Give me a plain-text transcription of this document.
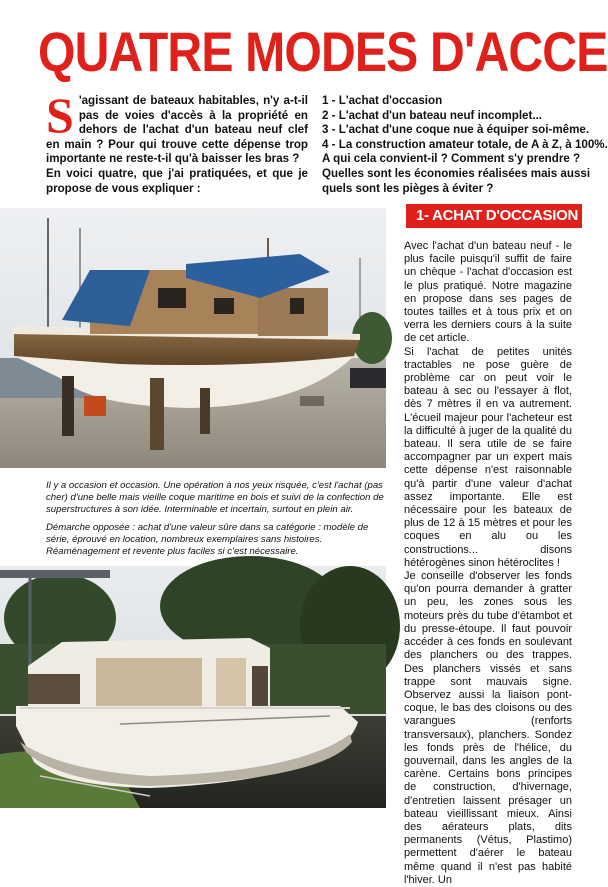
QUATRE MODES D'ACCE
S 'agissant de bateaux habitables, n'y a-t-il pas de voies d'accès à la propriété en dehors de l'achat d'un bateau neuf clef en main ? Pour qui trouve cette dépense trop importante ne reste-t-il qu'à baisser les bras ?

En voici quatre, que j'ai pratiquées, et que je propose de vous expliquer :

1 - L'achat d'occasion
2 - L'achat d'un bateau neuf incomplet...
3 - L'achat d'une coque nue à équiper soi-même.
4 - La construction amateur totale, de A à Z, à 100%.
A qui cela convient-il ? Comment s'y prendre ? Quelles sont les économies réalisées mais aussi quels sont les pièges à éviter ?

Il y a occasion et occasion. Une opération à nos yeux risquée, c'est l'achat (pas cher) d'une belle mais vieille coque maritime en bois et suivi de la confection de superstructures à son idée. Interminable et incertain, surtout en plein air.

Démarche opposée : achat d'une valeur sûre dans sa catégorie : modèle de série, éprouvé en location, nombreux exemplaires sans histoires. Réaménagement et revente plus faciles si c'est nécessaire.

1- ACHAT D'OCCASION

Avec l'achat d'un bateau neuf - le plus facile puisqu'il suffit de faire un chèque - l'achat d'occasion est le plus pratiqué. Notre magazine en propose dans ses pages de toutes tailles et à tous prix et on verra les derniers cours à la suite de cet article.

Si l'achat de petites unités tractables ne pose guère de problème car on peut voir le bateau à sec ou l'essayer à flot, dès 7 mètres il en va autrement. L'écueil majeur pour l'acheteur est la difficulté à juger de la qualité du bateau. Il sera utile de se faire accompagner par un expert mais cette dépense n'est raisonnable qu'à partir d'une valeur d'achat assez importante. Elle est nécessaire pour les bateaux de plus de 12 à 15 mètres et pour les coques en alu ou les constructions... disons hétérogènes sinon hétéroclites !

Je conseille d'observer les fonds qu'on pourra demander à gratter un peu, les zones sous les moteurs près du tube d'étambot et du presse-étoupe. Il faut pouvoir accéder à ces fonds en soulevant des planchers ou des trappes. Des planchers vissés et sans trappe sont mauvais signe. Observez aussi la liaison pont-coque, le bas des cloisons ou des varangues (renforts transversaux), planchers. Sondez les fonds près de l'hélice, du gouvernail, dans les angles de la carène. Certains bons principes de construction, d'hivernage, d'entretien laissent présager un bateau vieillissant mieux. Ainsi des aérateurs plats, dits permanents (Vétus, Plastimo) permettent d'aérer le bateau même quand il n'est pas habité l'hiver. Un
